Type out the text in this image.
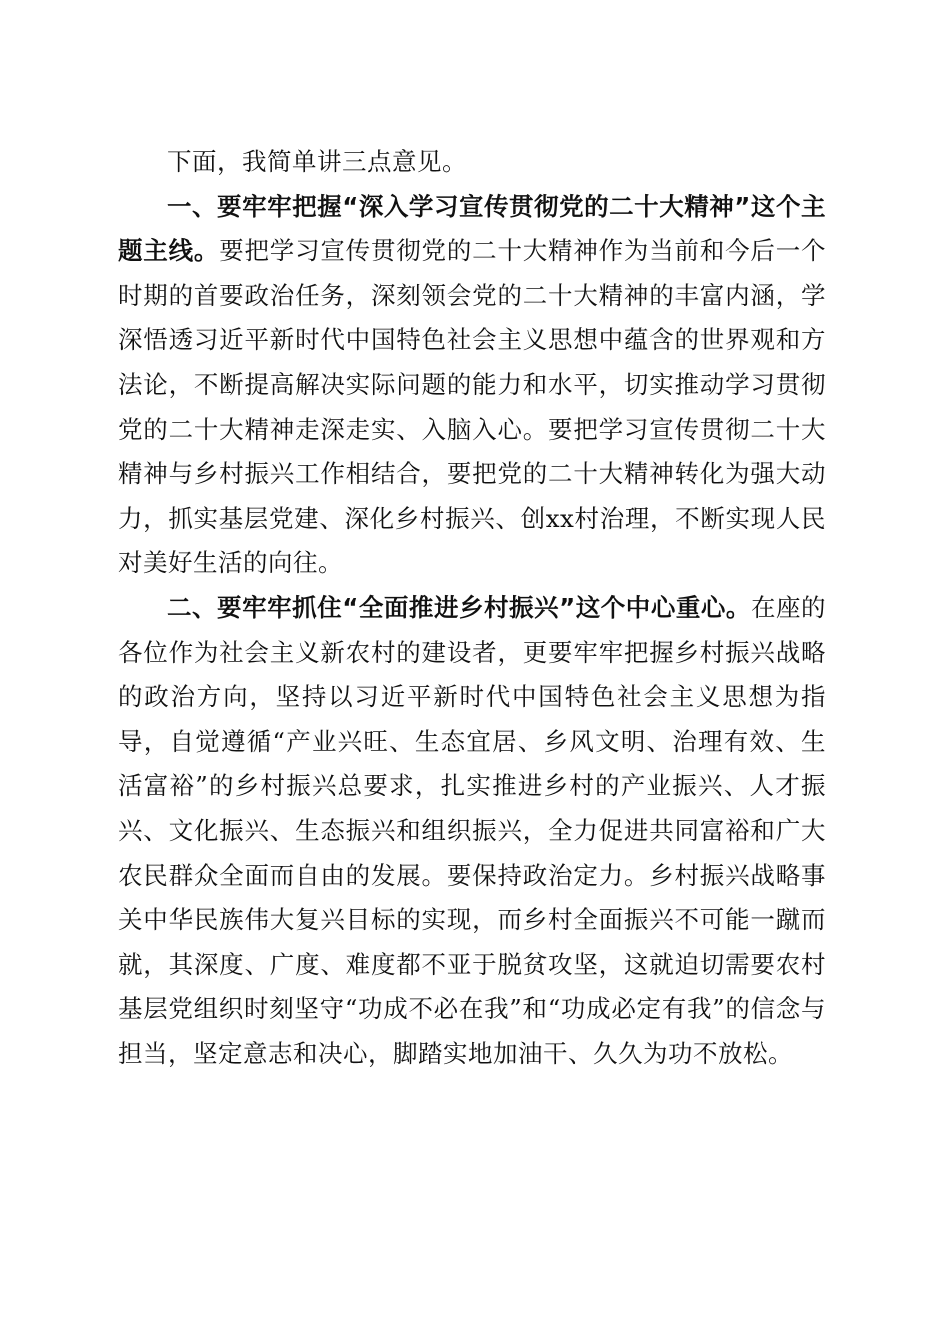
下面，我简单讲三点意见。

一、要牢牢把握“深入学习宣传贯彻党的二十大精神”这个主题主线。要把学习宣传贯彻党的二十大精神作为当前和今后一个时期的首要政治任务，深刻领会党的二十大精神的丰富内涵，学深悟透习近平新时代中国特色社会主义思想中蕴含的世界观和方法论，不断提高解决实际问题的能力和水平，切实推动学习贯彻党的二十大精神走深走实、入脑入心。要把学习宣传贯彻二十大精神与乡村振兴工作相结合，要把党的二十大精神转化为强大动力，抓实基层党建、深化乡村振兴、创xx村治理，不断实现人民对美好生活的向往。

二、要牢牢抓住“全面推进乡村振兴”这个中心重心。在座的各位作为社会主义新农村的建设者，更要牢牢把握乡村振兴战略的政治方向，坚持以习近平新时代中国特色社会主义思想为指导，自觉遵循“产业兴旺、生态宜居、乡风文明、治理有效、生活富裕”的乡村振兴总要求，扎实推进乡村的产业振兴、人才振兴、文化振兴、生态振兴和组织振兴，全力促进共同富裕和广大农民群众全面而自由的发展。要保持政治定力。乡村振兴战略事关中华民族伟大复兴目标的实现，而乡村全面振兴不可能一蹴而就，其深度、广度、难度都不亚于脱贫攻坚，这就迫切需要农村基层党组织时刻坚守“功成不必在我”和“功成必定有我”的信念与担当，坚定意志和决心，脚踏实地加油干、久久为功不放松。
